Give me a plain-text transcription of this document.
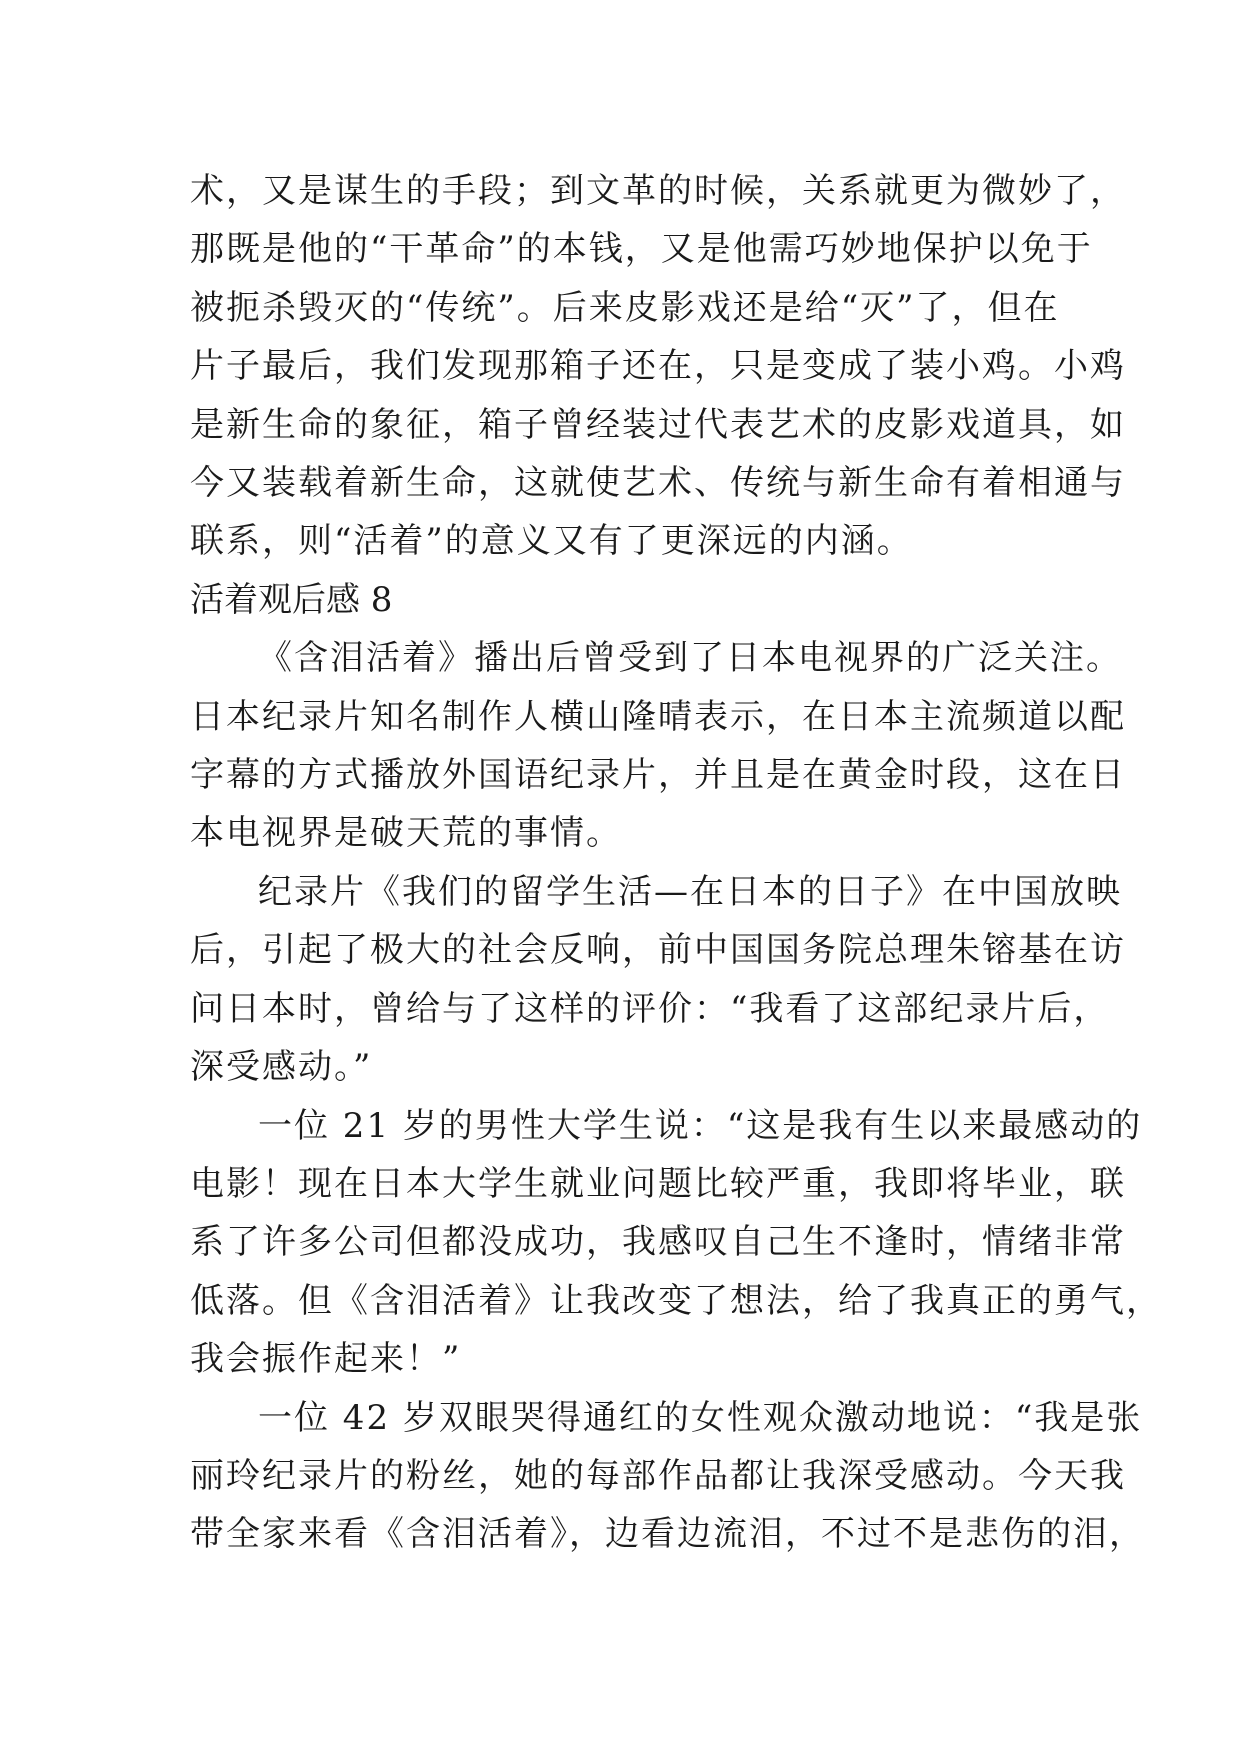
术，又是谋生的手段；到文革的时候，关系就更为微妙了，
那既是他的“干革命”的本钱，又是他需巧妙地保护以免于
被扼杀毁灭的“传统”。后来皮影戏还是给“灭”了，但在
片子最后，我们发现那箱子还在，只是变成了装小鸡。小鸡
是新生命的象征，箱子曾经装过代表艺术的皮影戏道具，如
今又装载着新生命，这就使艺术、传统与新生命有着相通与
联系，则“活着”的意义又有了更深远的内涵。
活着观后感 8
《含泪活着》播出后曾受到了日本电视界的广泛关注。
日本纪录片知名制作人横山隆晴表示，在日本主流频道以配
字幕的方式播放外国语纪录片，并且是在黄金时段，这在日
本电视界是破天荒的事情。
纪录片《我们的留学生活—在日本的日子》在中国放映
后，引起了极大的社会反响，前中国国务院总理朱镕基在访
问日本时，曾给与了这样的评价：“我看了这部纪录片后，
深受感动。”
一位 21 岁的男性大学生说：“这是我有生以来最感动的
电影！现在日本大学生就业问题比较严重，我即将毕业，联
系了许多公司但都没成功，我感叹自己生不逢时，情绪非常
低落。但《含泪活着》让我改变了想法，给了我真正的勇气，
我会振作起来！”
一位 42 岁双眼哭得通红的女性观众激动地说：“我是张
丽玲纪录片的粉丝，她的每部作品都让我深受感动。今天我
带全家来看《含泪活着》，边看边流泪，不过不是悲伤的泪，
